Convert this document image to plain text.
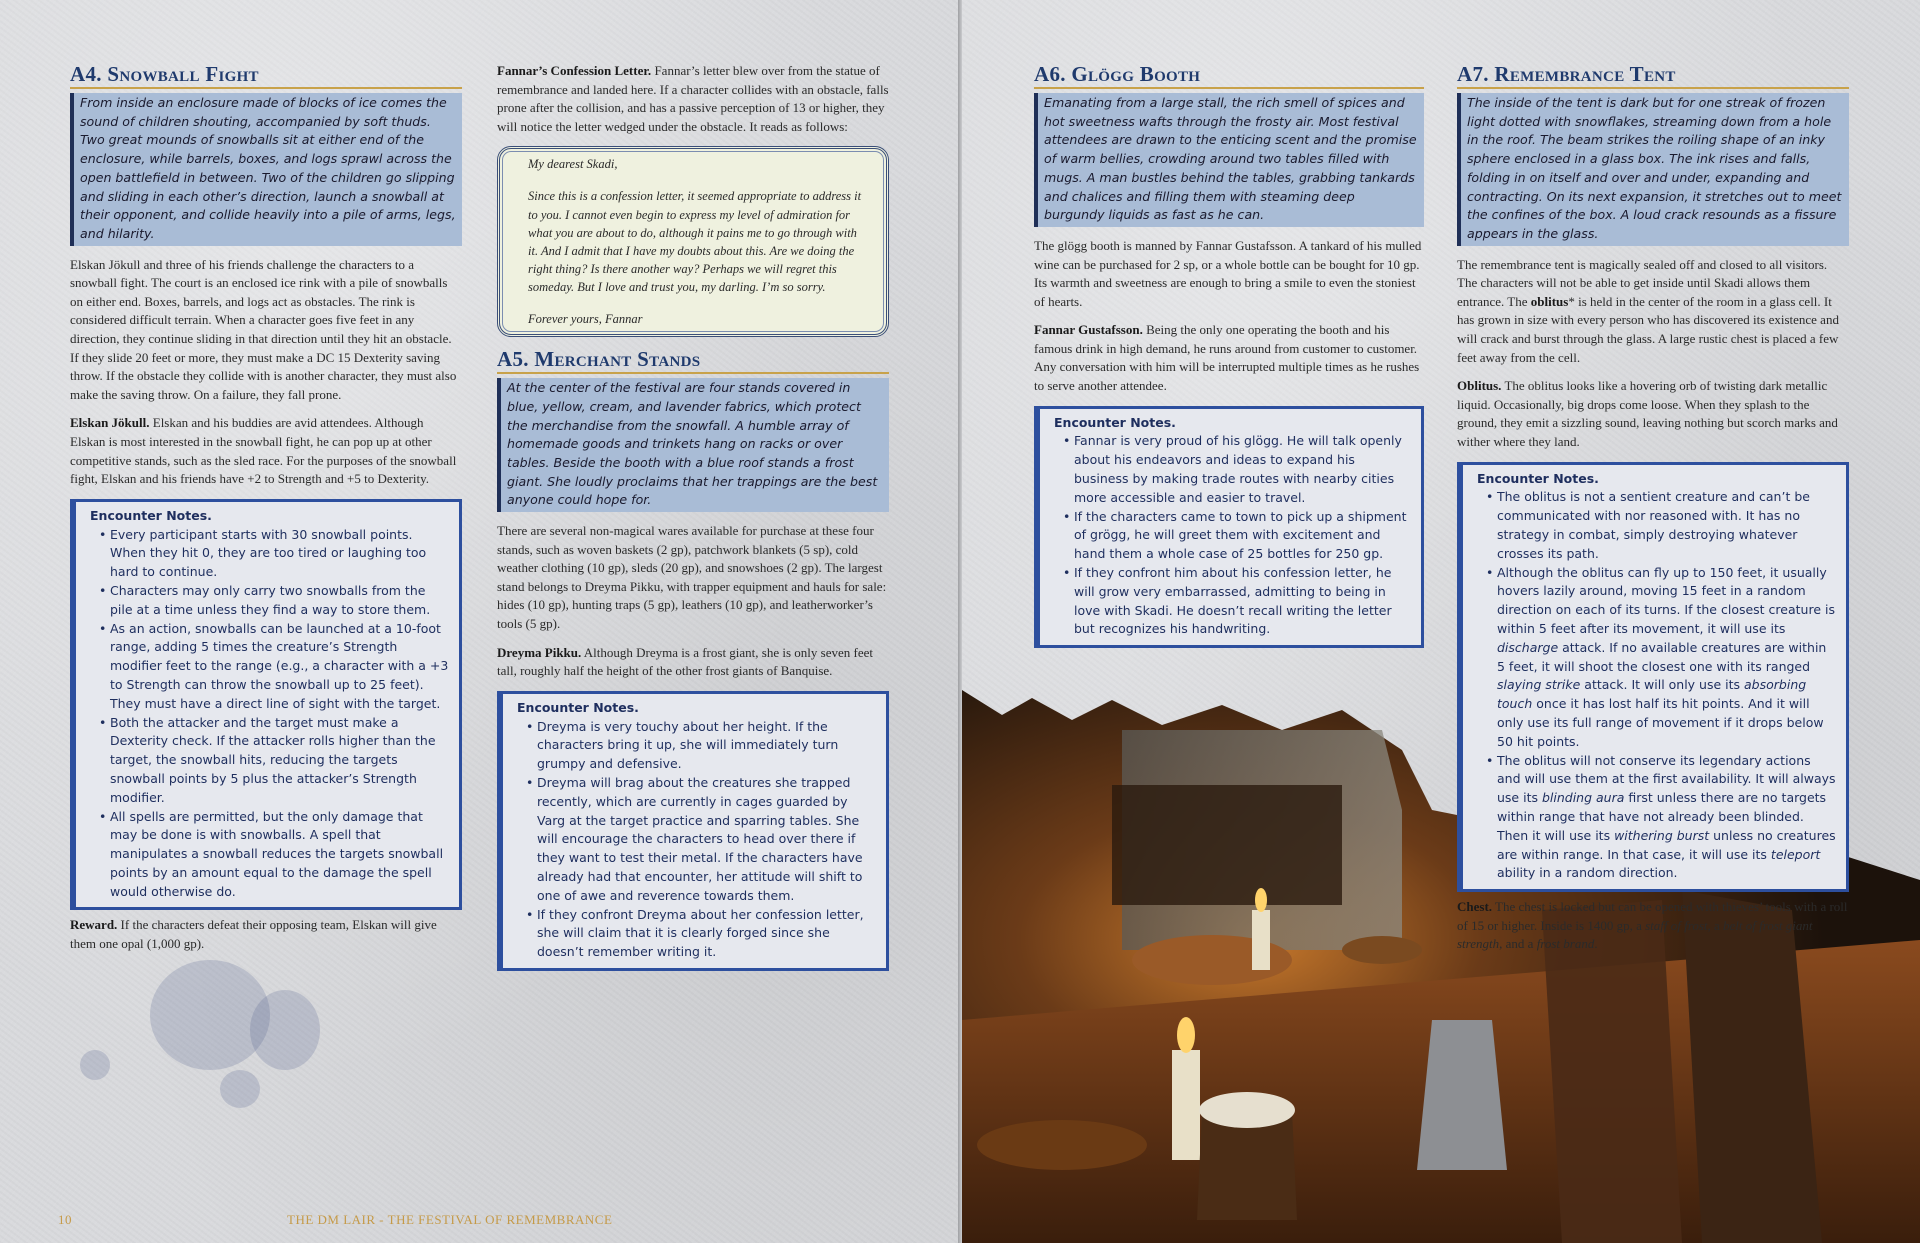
A4. Snowball Fight
From inside an enclosure made of blocks of ice comes the sound of children shouting, accompanied by soft thuds. Two great mounds of snowballs sit at either end of the enclosure, while barrels, boxes, and logs sprawl across the open battlefield in between. Two of the children go slipping and sliding in each other’s direction, launch a snowball at their opponent, and collide heavily into a pile of arms, legs, and hilarity.

Elskan Jökull and three of his friends challenge the characters to a snowball fight. The court is an enclosed ice rink with a pile of snowballs on either end. Boxes, barrels, and logs act as obstacles. The rink is considered difficult terrain. When a character goes five feet in any direction, they continue sliding in that direction until they hit an obstacle. If they slide 20 feet or more, they must make a DC 15 Dexterity saving throw. If the obstacle they collide with is another character, they must also make the saving throw. On a failure, they fall prone.

Elskan Jökull. Elskan and his buddies are avid attendees. Although Elskan is most interested in the snowball fight, he can pop up at other competitive stands, such as the sled race. For the purposes of the snowball fight, Elskan and his friends have +2 to Strength and +5 to Dexterity.

Encounter Notes.
• Every participant starts with 30 snowball points. When they hit 0, they are too tired or laughing too hard to continue.
• Characters may only carry two snowballs from the pile at a time unless they find a way to store them.
• As an action, snowballs can be launched at a 10-foot range, adding 5 times the creature’s Strength modifier feet to the range (e.g., a character with a +3 to Strength can throw the snowball up to 25 feet). They must have a direct line of sight with the target.
• Both the attacker and the target must make a Dexterity check. If the attacker rolls higher than the target, the snowball hits, reducing the targets snowball points by 5 plus the attacker’s Strength modifier.
• All spells are permitted, but the only damage that may be done is with snowballs. A spell that manipulates a snowball reduces the targets snowball points by an amount equal to the damage the spell would otherwise do.

Reward. If the characters defeat their opposing team, Elskan will give them one opal (1,000 gp).

Fannar’s Confession Letter. Fannar’s letter blew over from the statue of remembrance and landed here. If a character collides with an obstacle, falls prone after the collision, and has a passive perception of 13 or higher, they will notice the letter wedged under the obstacle. It reads as follows:

My dearest Skadi,

Since this is a confession letter, it seemed appropriate to address it to you. I cannot even begin to express my level of admiration for what you are about to do, although it pains me to go through with it. And I admit that I have my doubts about this. Are we doing the right thing? Is there another way? Perhaps we will regret this someday. But I love and trust you, my darling. I’m so sorry.

Forever yours, Fannar

A5. Merchant Stands
At the center of the festival are four stands covered in blue, yellow, cream, and lavender fabrics, which protect the merchandise from the snowfall. A humble array of homemade goods and trinkets hang on racks or over tables. Beside the booth with a blue roof stands a frost giant. She loudly proclaims that her trappings are the best anyone could hope for.

There are several non-magical wares available for purchase at these four stands, such as woven baskets (2 gp), patchwork blankets (5 sp), cold weather clothing (10 gp), sleds (20 gp), and snowshoes (2 gp). The largest stand belongs to Dreyma Pikku, with trapper equipment and hauls for sale: hides (10 gp), hunting traps (5 gp), leathers (10 gp), and leatherworker’s tools (5 gp).

Dreyma Pikku. Although Dreyma is a frost giant, she is only seven feet tall, roughly half the height of the other frost giants of Banquise.

Encounter Notes.
• Dreyma is very touchy about her height. If the characters bring it up, she will immediately turn grumpy and defensive.
• Dreyma will brag about the creatures she trapped recently, which are currently in cages guarded by Varg at the target practice and sparring tables. She will encourage the characters to head over there if they want to test their metal. If the characters have already had that encounter, her attitude will shift to one of awe and reverence towards them.
• If they confront Dreyma about her confession letter, she will claim that it is clearly forged since she doesn’t remember writing it.
10	THE DM LAIR - THE FESTIVAL OF REMEMBRANCE
A6. Glögg Booth
Emanating from a large stall, the rich smell of spices and hot sweetness wafts through the frosty air. Most festival attendees are drawn to the enticing scent and the promise of warm bellies, crowding around two tables filled with mugs. A man bustles behind the tables, grabbing tankards and chalices and filling them with steaming deep burgundy liquids as fast as he can.

The glögg booth is manned by Fannar Gustafsson. A tankard of his mulled wine can be purchased for 2 sp, or a whole bottle can be bought for 10 gp. Its warmth and sweetness are enough to bring a smile to even the stoniest of hearts.

Fannar Gustafsson. Being the only one operating the booth and his famous drink in high demand, he runs around from customer to customer. Any conversation with him will be interrupted multiple times as he rushes to serve another attendee.

Encounter Notes.
• Fannar is very proud of his glögg. He will talk openly about his endeavors and ideas to expand his business by making trade routes with nearby cities more accessible and easier to travel.
• If the characters came to town to pick up a shipment of grögg, he will greet them with excitement and hand them a whole case of 25 bottles for 250 gp.
• If they confront him about his confession letter, he will grow very embarrassed, admitting to being in love with Skadi. He doesn’t recall writing the letter but recognizes his handwriting.
A7. Remembrance Tent
The inside of the tent is dark but for one streak of frozen light dotted with snowflakes, streaming down from a hole in the roof. The beam strikes the roiling shape of an inky sphere enclosed in a glass box. The ink rises and falls, folding in on itself and over and under, expanding and contracting. On its next expansion, it stretches out to meet the confines of the box. A loud crack resounds as a fissure appears in the glass.

The remembrance tent is magically sealed off and closed to all visitors. The characters will not be able to get inside until Skadi allows them entrance. The oblitus* is held in the center of the room in a glass cell. It has grown in size with every person who has discovered its existence and will crack and burst through the glass. A large rustic chest is placed a few feet away from the cell.

Oblitus. The oblitus looks like a hovering orb of twisting dark metallic liquid. Occasionally, big drops come loose. When they splash to the ground, they emit a sizzling sound, leaving nothing but scorch marks and wither where they land.

Encounter Notes.
• The oblitus is not a sentient creature and can’t be communicated with nor reasoned with. It has no strategy in combat, simply destroying whatever crosses its path.
• Although the oblitus can fly up to 150 feet, it usually hovers lazily around, moving 15 feet in a random direction on each of its turns. If the closest creature is within 5 feet after its movement, it will use its discharge attack. If no available creatures are within 5 feet, it will shoot the closest one with its ranged slaying strike attack. It will only use its absorbing touch once it has lost half its hit points. And it will only use its full range of movement if it drops below 50 hit points.
• The oblitus will not conserve its legendary actions and will use them at the first availability. It will always use its blinding aura first unless there are no targets within range that have not already been blinded. Then it will use its withering burst unless no creatures are within range. In that case, it will use its teleport ability in a random direction.

Chest. The chest is locked but can be opened with thieves’ tools with a roll of 15 or higher. Inside is 1400 gp, a staff of frost, a belt of frost giant strength, and a frost brand.
